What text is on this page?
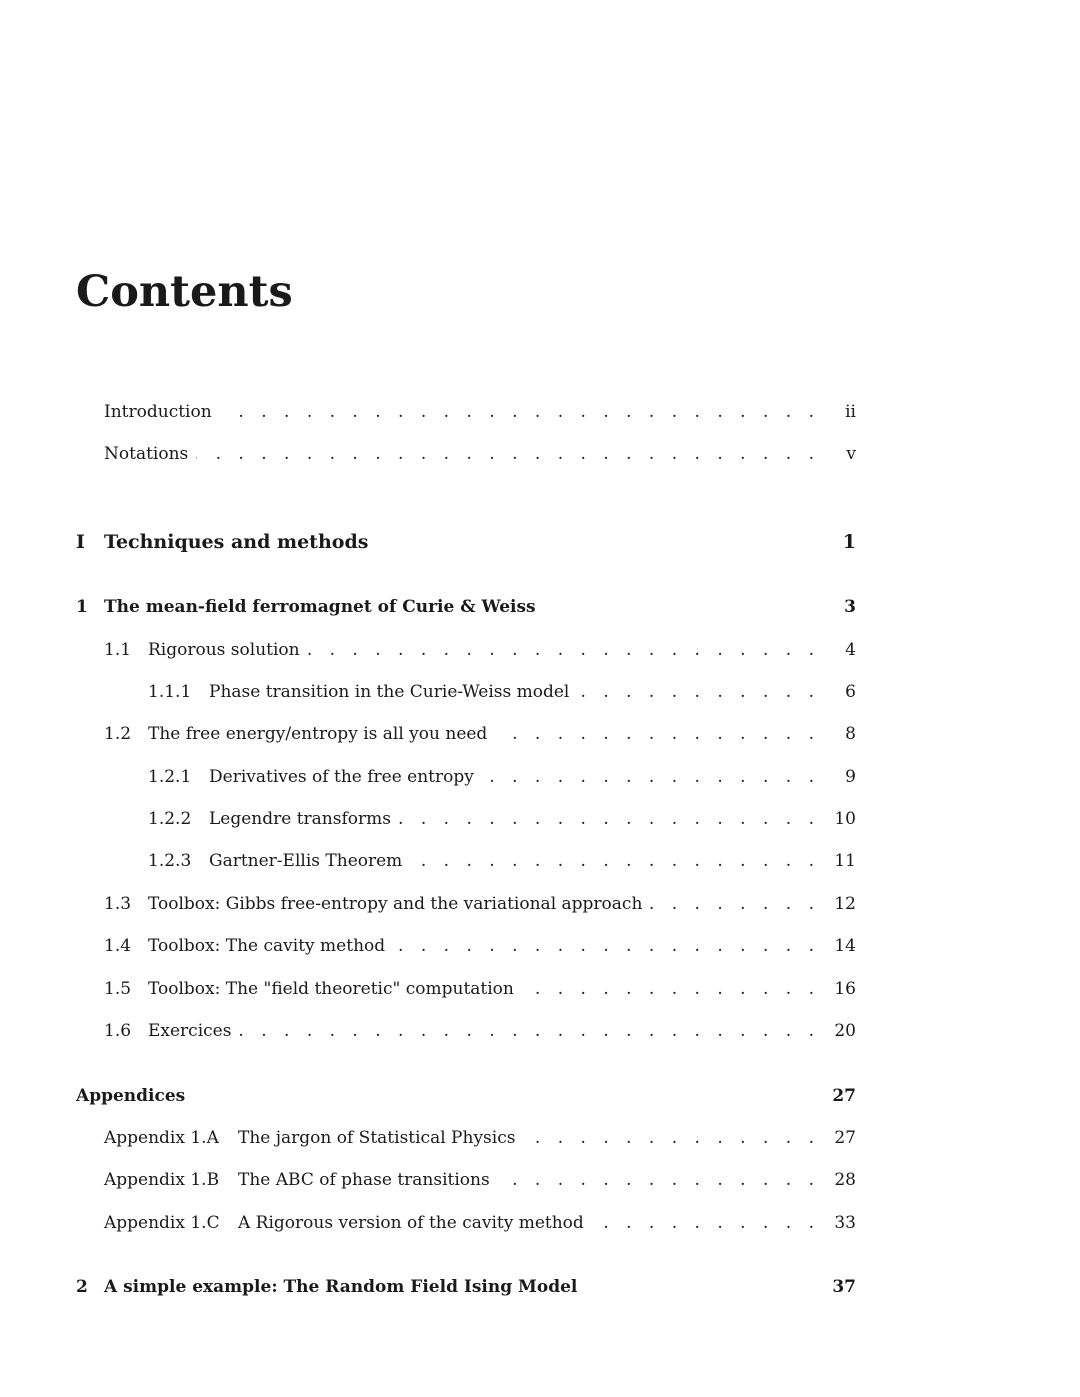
Contents
Introduction . . .	ii
Notations . . .	v
I	Techniques and methods	1
1 The mean-field ferromagnet of Curie & Weiss	3
1.1 Rigorous solution . . .	4
1.1.1	Phase transition in the Curie-Weiss model . . .	6
1.2 The free energy/entropy is all you need . . .	8
1.2.1	Derivatives of the free entropy . . .	9
1.2.2	Legendre transforms . . .	10
1.2.3	Gartner-Ellis Theorem . . .	11
1.3 Toolbox: Gibbs free-entropy and the variational approach . . .	12
1.4 Toolbox: The cavity method . . .	14
1.5 Toolbox: The "field theoretic" computation . . .	16
1.6 Exercices . . .	20
Appendices	27
Appendix 1.A	The jargon of Statistical Physics . . .	27
Appendix 1.B	The ABC of phase transitions . . .	28
Appendix 1.C	A Rigorous version of the cavity method . . .	33
2 A simple example: The Random Field Ising Model	37
